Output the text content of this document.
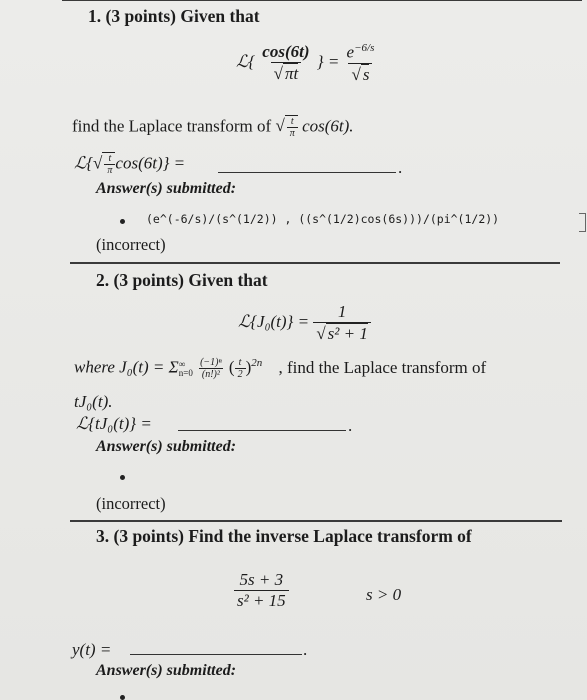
1. (3 points) Given that
ℒ{ $\frac{\cos(6t)}{√ \pi t}$ } = $\frac{e^{-6/s}}{√ s}$
find the Laplace transform of √ $\frac{t}{\pi} \cos(6t)$.
ℒ{√ $\frac{t}{\pi} \cos(6t)$} =	.
Answer(s) submitted:
(e^(-6/s)/(s^(1/2)) , ((s^(1/2)cos(6s)))/(pi^(1/2))
(incorrect)
2. (3 points) Given that
ℒ{J₀(t)} = $\frac{1}{\text{√ s² + 1}}$
where J₀(t) = Σ ∞
n=0
$\frac{\text{(−1)ⁿ}}{\text{(n!)²}}$ ( $\frac{t}{2} )^{2n}$ , find the Laplace transform of
tJ₀(t).
ℒ{tJ₀(t)} =	.
Answer(s) submitted:
(incorrect)
3. (3 points) Find the inverse Laplace transform of
$\frac{5s + 3}{\text{s² + 15}}$	s > 0
y(t) =	.
Answer(s) submitted:
